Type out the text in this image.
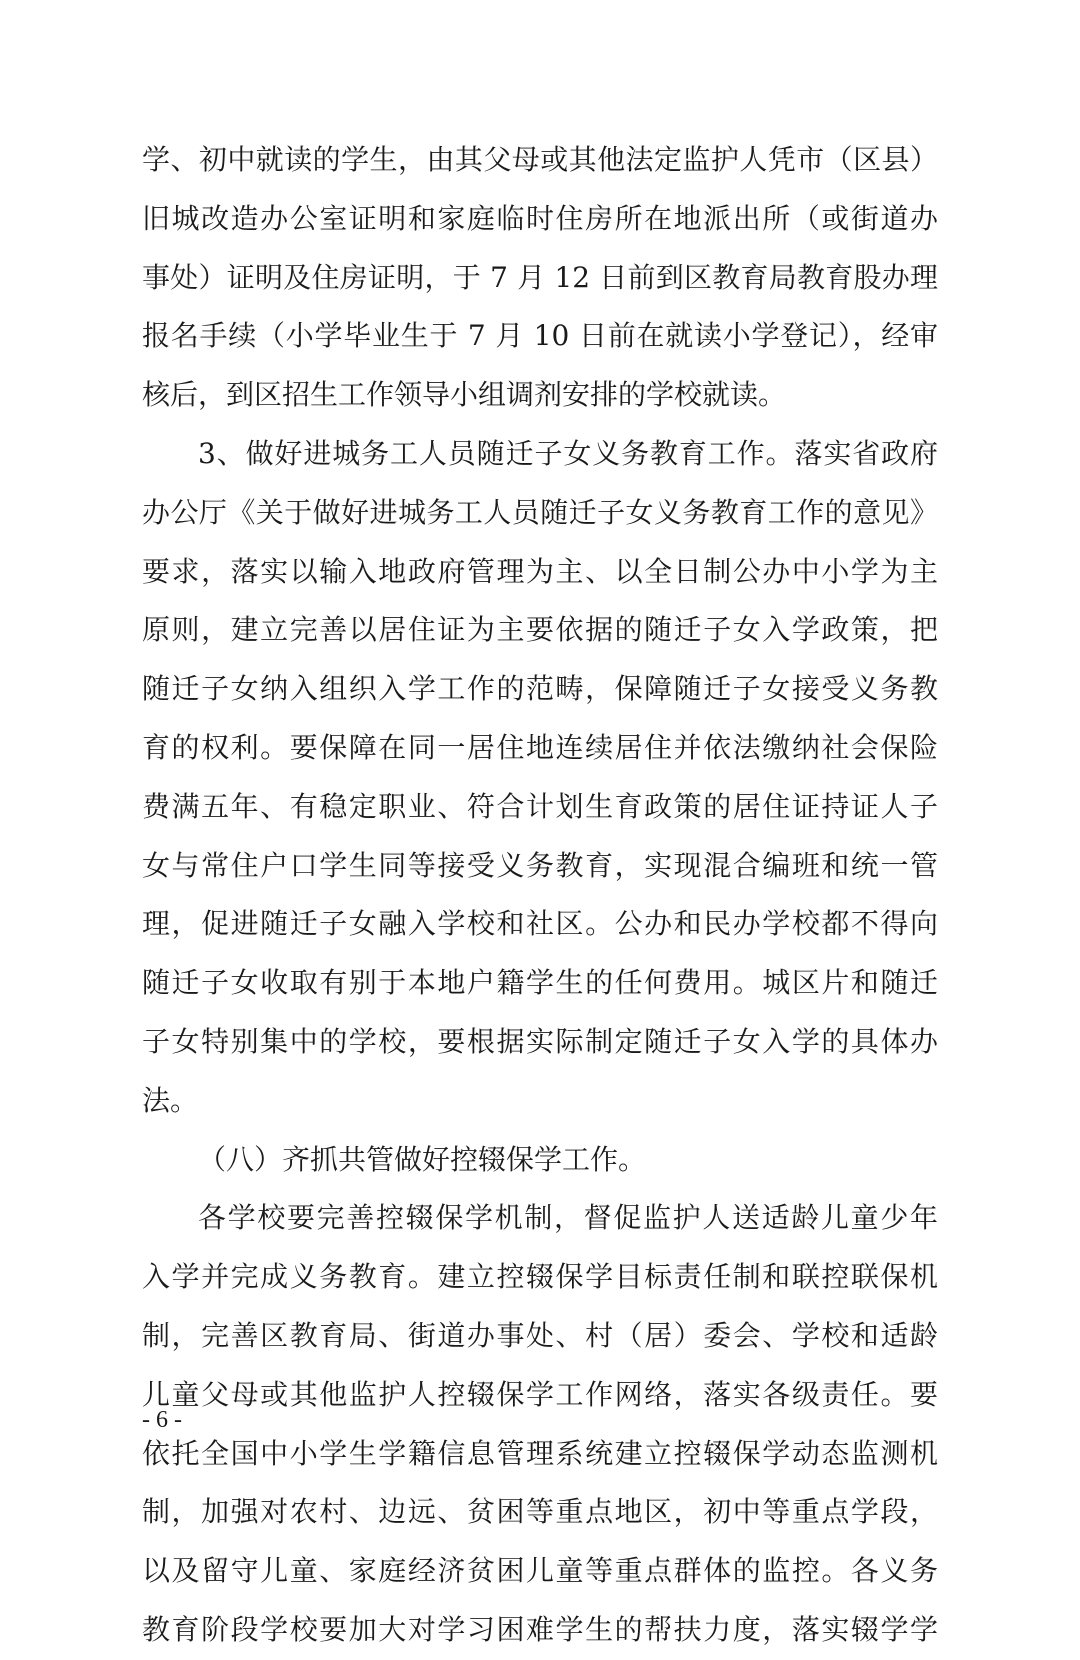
学、初中就读的学生，由其父母或其他法定监护人凭市（区县）
旧城改造办公室证明和家庭临时住房所在地派出所（或街道办
事处）证明及住房证明，于 7 月 12 日前到区教育局教育股办理
报名手续（小学毕业生于 7 月 10 日前在就读小学登记），经审
核后，到区招生工作领导小组调剂安排的学校就读。
3、做好进城务工人员随迁子女义务教育工作。落实省政府
办公厅《关于做好进城务工人员随迁子女义务教育工作的意见》
要求，落实以输入地政府管理为主、以全日制公办中小学为主
原则，建立完善以居住证为主要依据的随迁子女入学政策，把
随迁子女纳入组织入学工作的范畴，保障随迁子女接受义务教
育的权利。要保障在同一居住地连续居住并依法缴纳社会保险
费满五年、有稳定职业、符合计划生育政策的居住证持证人子
女与常住户口学生同等接受义务教育，实现混合编班和统一管
理，促进随迁子女融入学校和社区。公办和民办学校都不得向
随迁子女收取有别于本地户籍学生的任何费用。城区片和随迁
子女特别集中的学校，要根据实际制定随迁子女入学的具体办
法。
（八）齐抓共管做好控辍保学工作。
各学校要完善控辍保学机制，督促监护人送适龄儿童少年
入学并完成义务教育。建立控辍保学目标责任制和联控联保机
制，完善区教育局、街道办事处、村（居）委会、学校和适龄
儿童父母或其他监护人控辍保学工作网络，落实各级责任。要
依托全国中小学生学籍信息管理系统建立控辍保学动态监测机
制，加强对农村、边远、贫困等重点地区，初中等重点学段，
以及留守儿童、家庭经济贫困儿童等重点群体的监控。各义务
教育阶段学校要加大对学习困难学生的帮扶力度，落实辍学学
- 6 -
